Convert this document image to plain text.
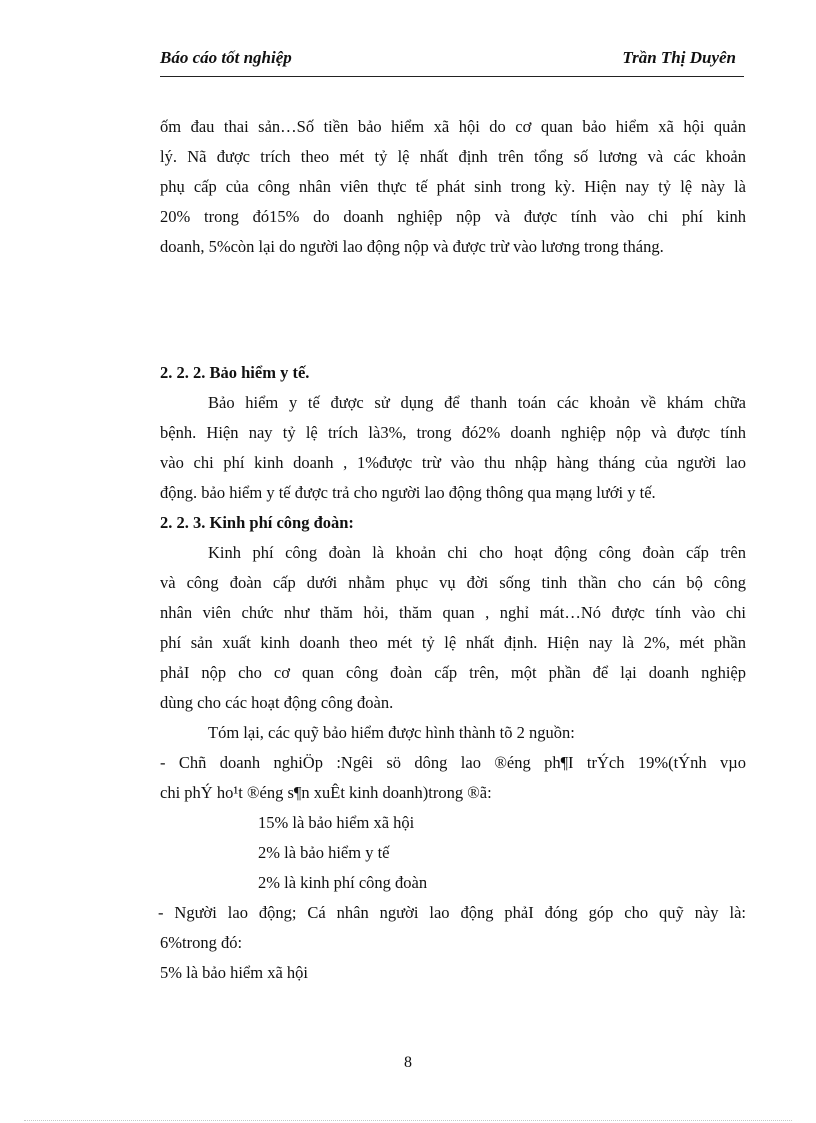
Báo cáo tốt nghiệp	Trần Thị Duyên
ốm đau thai sản…Số tiền bảo hiểm xã hội do cơ quan bảo hiểm xã hội quản
lý. Nã được trích theo mét tỷ lệ nhất định trên tổng số lương và các khoản
phụ cấp của công nhân viên thực tế phát sinh trong kỳ. Hiện nay tỷ lệ này là
20% trong đó15% do doanh nghiệp nộp và được tính vào chi phí kinh
doanh, 5%còn lại do người lao động nộp và được trừ vào lương trong tháng.
2. 2. 2. Bảo hiểm y tế.
Bảo hiểm y tế được sử dụng để thanh toán các khoản về khám chữa
bệnh. Hiện nay tỷ lệ trích là3%, trong đó2% doanh nghiệp nộp và được tính
vào chi phí kinh doanh , 1%được trừ vào thu nhập hàng tháng của người lao
động. bảo hiểm y tế được trả cho người lao động thông qua mạng lưới y tế.
2. 2. 3. Kinh phí công đoàn:
Kinh phí công đoàn là khoản chi cho hoạt động công đoàn cấp trên
và công đoàn cấp dưới nhằm phục vụ đời sống tinh thần cho cán bộ công
nhân viên chức như thăm hỏi, thăm quan , nghỉ mát…Nó được tính vào chi
phí sản xuất kinh doanh theo mét tỷ lệ nhất định. Hiện nay là 2%, mét phần
phảI nộp cho cơ quan công đoàn cấp trên, một phần để lại doanh nghiệp
dùng cho các hoạt động công đoàn.
Tóm lại, các quỹ bảo hiểm được hình thành tõ 2 nguồn:
- Chñ doanh nghiÖp :Ngêi sö dông lao ®éng ph¶I trÝch 19%(tÝnh vµo
chi phÝ ho¹t ®éng s¶n xuÊt kinh doanh)trong ®ã:
15% là bảo hiểm xã hội
2% là bảo hiểm y tế
2% là kinh phí công đoàn
- Người lao động; Cá nhân người lao động phảI đóng góp cho quỹ này là:
6%trong đó:
5% là bảo hiểm xã hội
8
